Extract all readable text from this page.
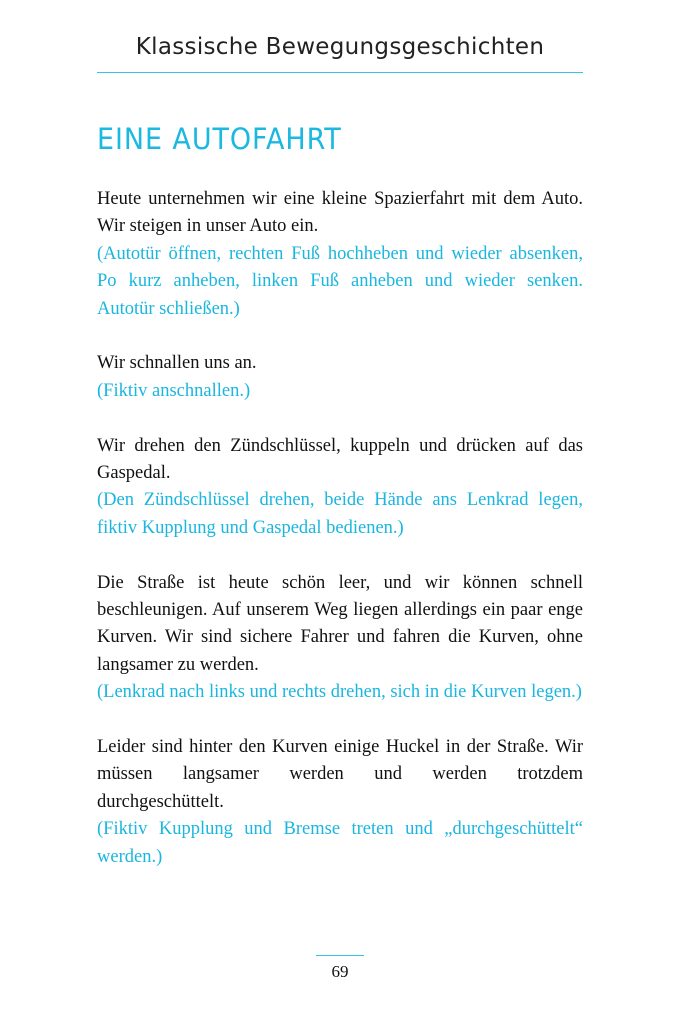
Klassische Bewegungsgeschichten
EINE AUTOFAHRT

Heute unternehmen wir eine kleine Spazierfahrt mit dem Auto. Wir steigen in unser Auto ein.
(Autotür öffnen, rechten Fuß hochheben und wieder absenken, Po kurz anheben, linken Fuß anheben und wieder senken. Autotür schließen.)

Wir schnallen uns an.
(Fiktiv anschnallen.)

Wir drehen den Zündschlüssel, kuppeln und drücken auf das Gaspedal.
(Den Zündschlüssel drehen, beide Hände ans Lenkrad legen, fiktiv Kupplung und Gaspedal bedienen.)

Die Straße ist heute schön leer, und wir können schnell beschleunigen. Auf unserem Weg liegen allerdings ein paar enge Kurven. Wir sind sichere Fahrer und fahren die Kurven, ohne langsamer zu werden.
(Lenkrad nach links und rechts drehen, sich in die Kurven legen.)

Leider sind hinter den Kurven einige Huckel in der Straße. Wir müssen langsamer werden und werden trotzdem durchgeschüttelt.
(Fiktiv Kupplung und Bremse treten und „durchgeschüttelt“ werden.)

69
